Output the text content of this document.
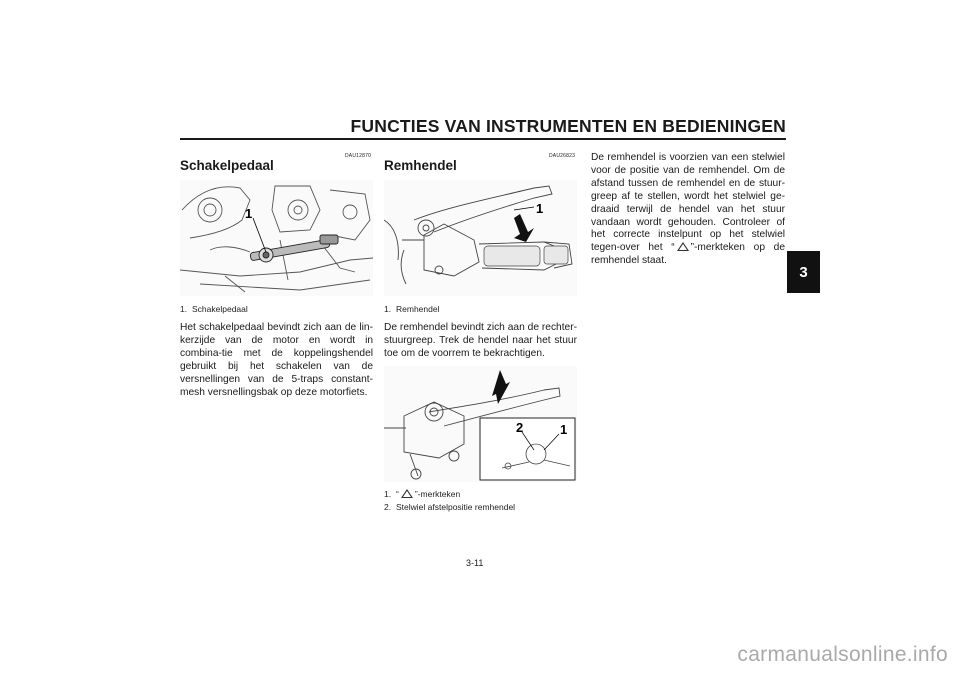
FUNCTIES VAN INSTRUMENTEN EN BEDIENINGEN
3
DAU12870
Schakelpedaal
1
1. Schakelpedaal
Het schakelpedaal bevindt zich aan de lin-kerzijde van de motor en wordt in combina-tie met de koppelingshendel gebruikt bij het schakelen van de versnellingen van de 5-traps constant-mesh versnellingsbak op deze motorfiets.
DAU26823
Remhendel
1
1. Remhendel
De remhendel bevindt zich aan de rechter-stuurgreep. Trek de hendel naar het stuur toe om de voorrem te bekrachtigen.
2	1
1. “ ”-merkteken
2. Stelwiel afstelpositie remhendel
De remhendel is voorzien van een stelwiel voor de positie van de remhendel. Om de afstand tussen de remhendel en de stuur-greep af te stellen, wordt het stelwiel ge-draaid terwijl de hendel van het stuur vandaan wordt gehouden. Controleer of het correcte instelpunt op het stelwiel tegen-over het “ ”-merkteken op de remhendel staat.
3-11
carmanualsonline.info
